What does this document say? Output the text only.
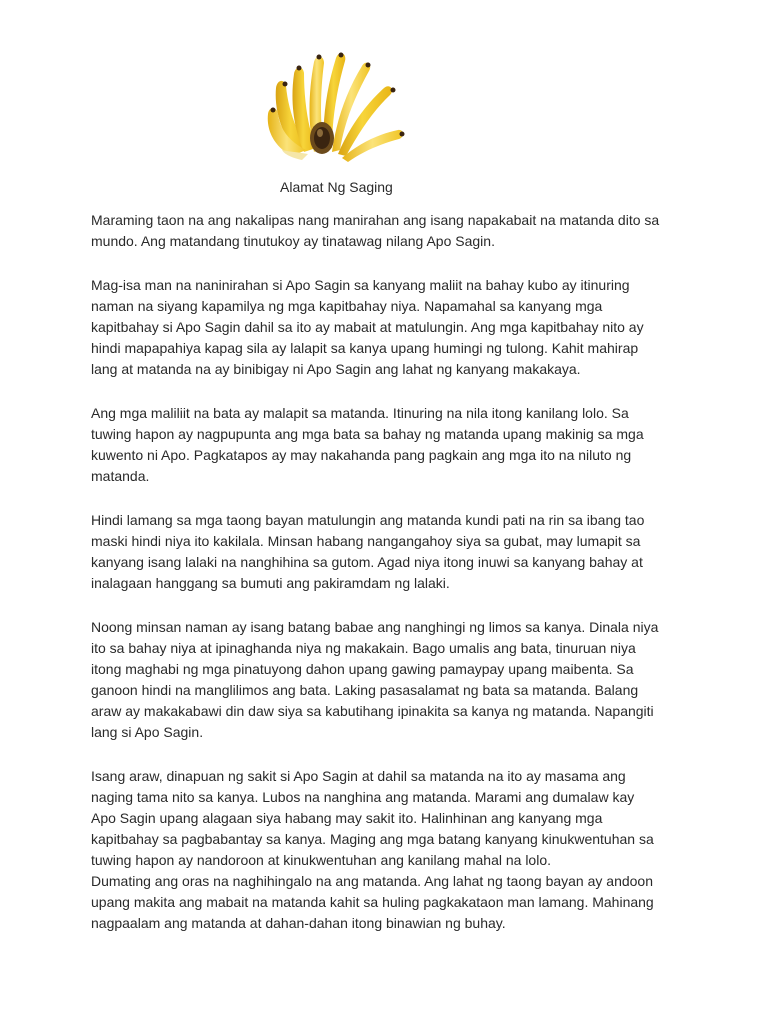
Alamat Ng Saging

Maraming taon na ang nakalipas nang manirahan ang isang napakabait na matanda dito sa
mundo. Ang matandang tinutukoy ay tinatawag nilang Apo Sagin.

Mag-isa man na naninirahan si Apo Sagin sa kanyang maliit na bahay kubo ay itinuring
naman na siyang kapamilya ng mga kapitbahay niya. Napamahal sa kanyang mga
kapitbahay si Apo Sagin dahil sa ito ay mabait at matulungin. Ang mga kapitbahay nito ay
hindi mapapahiya kapag sila ay lalapit sa kanya upang humingi ng tulong. Kahit mahirap
lang at matanda na ay binibigay ni Apo Sagin ang lahat ng kanyang makakaya.

Ang mga maliliit na bata ay malapit sa matanda. Itinuring na nila itong kanilang lolo. Sa
tuwing hapon ay nagpupunta ang mga bata sa bahay ng matanda upang makinig sa mga
kuwento ni Apo. Pagkatapos ay may nakahanda pang pagkain ang mga ito na niluto ng
matanda.

Hindi lamang sa mga taong bayan matulungin ang matanda kundi pati na rin sa ibang tao
maski hindi niya ito kakilala. Minsan habang nangangahoy siya sa gubat, may lumapit sa
kanyang isang lalaki na nanghihina sa gutom. Agad niya itong inuwi sa kanyang bahay at
inalagaan hanggang sa bumuti ang pakiramdam ng lalaki.

Noong minsan naman ay isang batang babae ang nanghingi ng limos sa kanya. Dinala niya
ito sa bahay niya at ipinaghanda niya ng makakain. Bago umalis ang bata, tinuruan niya
itong maghabi ng mga pinatuyong dahon upang gawing pamaypay upang maibenta. Sa
ganoon hindi na manglilimos ang bata. Laking pasasalamat ng bata sa matanda. Balang
araw ay makakabawi din daw siya sa kabutihang ipinakita sa kanya ng matanda. Napangiti
lang si Apo Sagin.

Isang araw, dinapuan ng sakit si Apo Sagin at dahil sa matanda na ito ay masama ang
naging tama nito sa kanya. Lubos na nanghina ang matanda. Marami ang dumalaw kay
Apo Sagin upang alagaan siya habang may sakit ito. Halinhinan ang kanyang mga
kapitbahay sa pagbabantay sa kanya. Maging ang mga batang kanyang kinukwentuhan sa
tuwing hapon ay nandoroon at kinukwentuhan ang kanilang mahal na lolo.
Dumating ang oras na naghihingalo na ang matanda. Ang lahat ng taong bayan ay andoon
upang makita ang mabait na matanda kahit sa huling pagkakataon man lamang. Mahinang
nagpaalam ang matanda at dahan-dahan itong binawian ng buhay.
